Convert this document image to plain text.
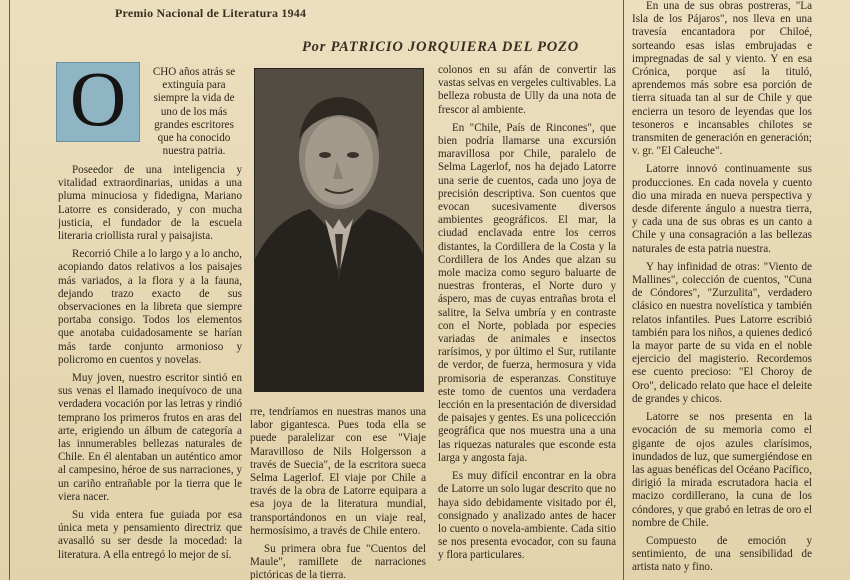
Premio Nacional de Literatura 1944
Por PATRICIO JORQUIERA DEL POZO
O	CHO años atrás se extinguía para siempre la vida de uno de los más grandes escritores que ha conocido nuestra patria.

Poseedor de una inteligencia y vitalidad extraordinarias, unidas a una pluma minuciosa y fidedigna, Mariano Latorre es considerado, y con mucha justicia, el fundador de la escuela literaria criollista rural y paisajista.

Recorrió Chile a lo largo y a lo ancho, acopiando datos relativos a los paisajes más variados, a la flora y a la fauna, dejando trazo exacto de sus observaciones en la libreta que siempre portaba consigo. Todos los elementos que anotaba cuidadosamente se harían más tarde conjunto armonioso y policromo en cuentos y novelas.

Muy joven, nuestro escritor sintió en sus venas el llamado inequívoco de una verdadera vocación por las letras y rindió temprano los primeros frutos en aras del arte, erigiendo un álbum de categoría a las innumerables bellezas naturales de Chile. En él alentaban un auténtico amor al campesino, héroe de sus narraciones, y un cariño entrañable por la tierra que le viera nacer.

Su vida entera fue guiada por esa única meta y pensamiento directriz que avasalló su ser desde la mocedad: la literatura. A ella entregó lo mejor de sí.

rre, tendríamos en nuestras manos una labor gigantesca. Pues toda ella se puede paralelizar con ese "Viaje Maravilloso de Nils Holgersson a través de Suecia", de la escritora sueca Selma Lagerlof. El viaje por Chile a través de la obra de Latorre equipara a esa joya de la literatura mundial, transportándonos en un viaje real, hermosísimo, a través de Chile entero.

Su primera obra fue "Cuentos del Maule", ramillete de narraciones pictóricas de la tierra.

colonos en su afán de convertir las vastas selvas en vergeles cultivables. La belleza robusta de Ully da una nota de frescor al ambiente.

En "Chile, País de Rincones", que bien podría llamarse una excursión maravillosa por Chile, paralelo de Selma Lagerlof, nos ha dejado Latorre una serie de cuentos, cada uno joya de precisión descriptiva. Son cuentos que evocan sucesivamente diversos ambientes geográficos. El mar, la ciudad enclavada entre los cerros distantes, la Cordillera de la Costa y la Cordillera de los Andes que alzan su mole maciza como seguro baluarte de nuestras fronteras, el Norte duro y áspero, mas de cuyas entrañas brota el salitre, la Selva umbría y en contraste con el Norte, poblada por especies variadas de animales e insectos rarísimos, y por último el Sur, rutilante de verdor, de fuerza, hermosura y vida promisoria de esperanzas. Constituye este tomo de cuentos una verdadera lección en la presentación de diversidad de paisajes y gentes. Es una policección geográfica que nos muestra una a una las riquezas naturales que esconde esta larga y angosta faja.

Es muy difícil encontrar en la obra de Latorre un solo lugar descrito que no haya sido debidamente visitado por él, consignado y analizado antes de hacer lo cuento o novela-ambiente. Cada sitio se nos presenta evocador, con su fauna y flora particulares.

En una de sus obras postreras, "La Isla de los Pájaros", nos lleva en una travesía encantadora por Chiloé, sorteando esas islas embrujadas e impregnadas de sal y viento. Y en esa Crónica, porque así la tituló, aprendemos más sobre esa porción de tierra situada tan al sur de Chile y que encierra un tesoro de leyendas que los tesoneros e incansables chilotes se transmiten de generación en generación; v. gr. "El Caleuche".

Latorre innovó continuamente sus producciones. En cada novela y cuento dio una mirada en nueva perspectiva y desde diferente ángulo a nuestra tierra, y cada una de sus obras es un canto a Chile y una consagración a las bellezas naturales de esta patria nuestra.

Y hay infinidad de otras: "Viento de Mallines", colección de cuentos, "Cuna de Cóndores", "Zurzulita", verdadero clásico en nuestra novelística y también relatos infantiles. Pues Latorre escribió también para los niños, a quienes dedicó la mayor parte de su vida en el noble ejercicio del magisterio. Recordemos ese cuento precioso: "El Choroy de Oro", delicado relato que hace el deleite de grandes y chicos.

Latorre se nos presenta en la evocación de su memoria como el gigante de ojos azules clarísimos, inundados de luz, que sumergiéndose en las aguas benéficas del Océano Pacífico, dirigió la mirada escrutadora hacia el macizo cordillerano, la cuna de los cóndores, y que grabó en letras de oro el nombre de Chile.

Compuesto de emoción y sentimiento, de una sensibilidad de artista nato y fino.
